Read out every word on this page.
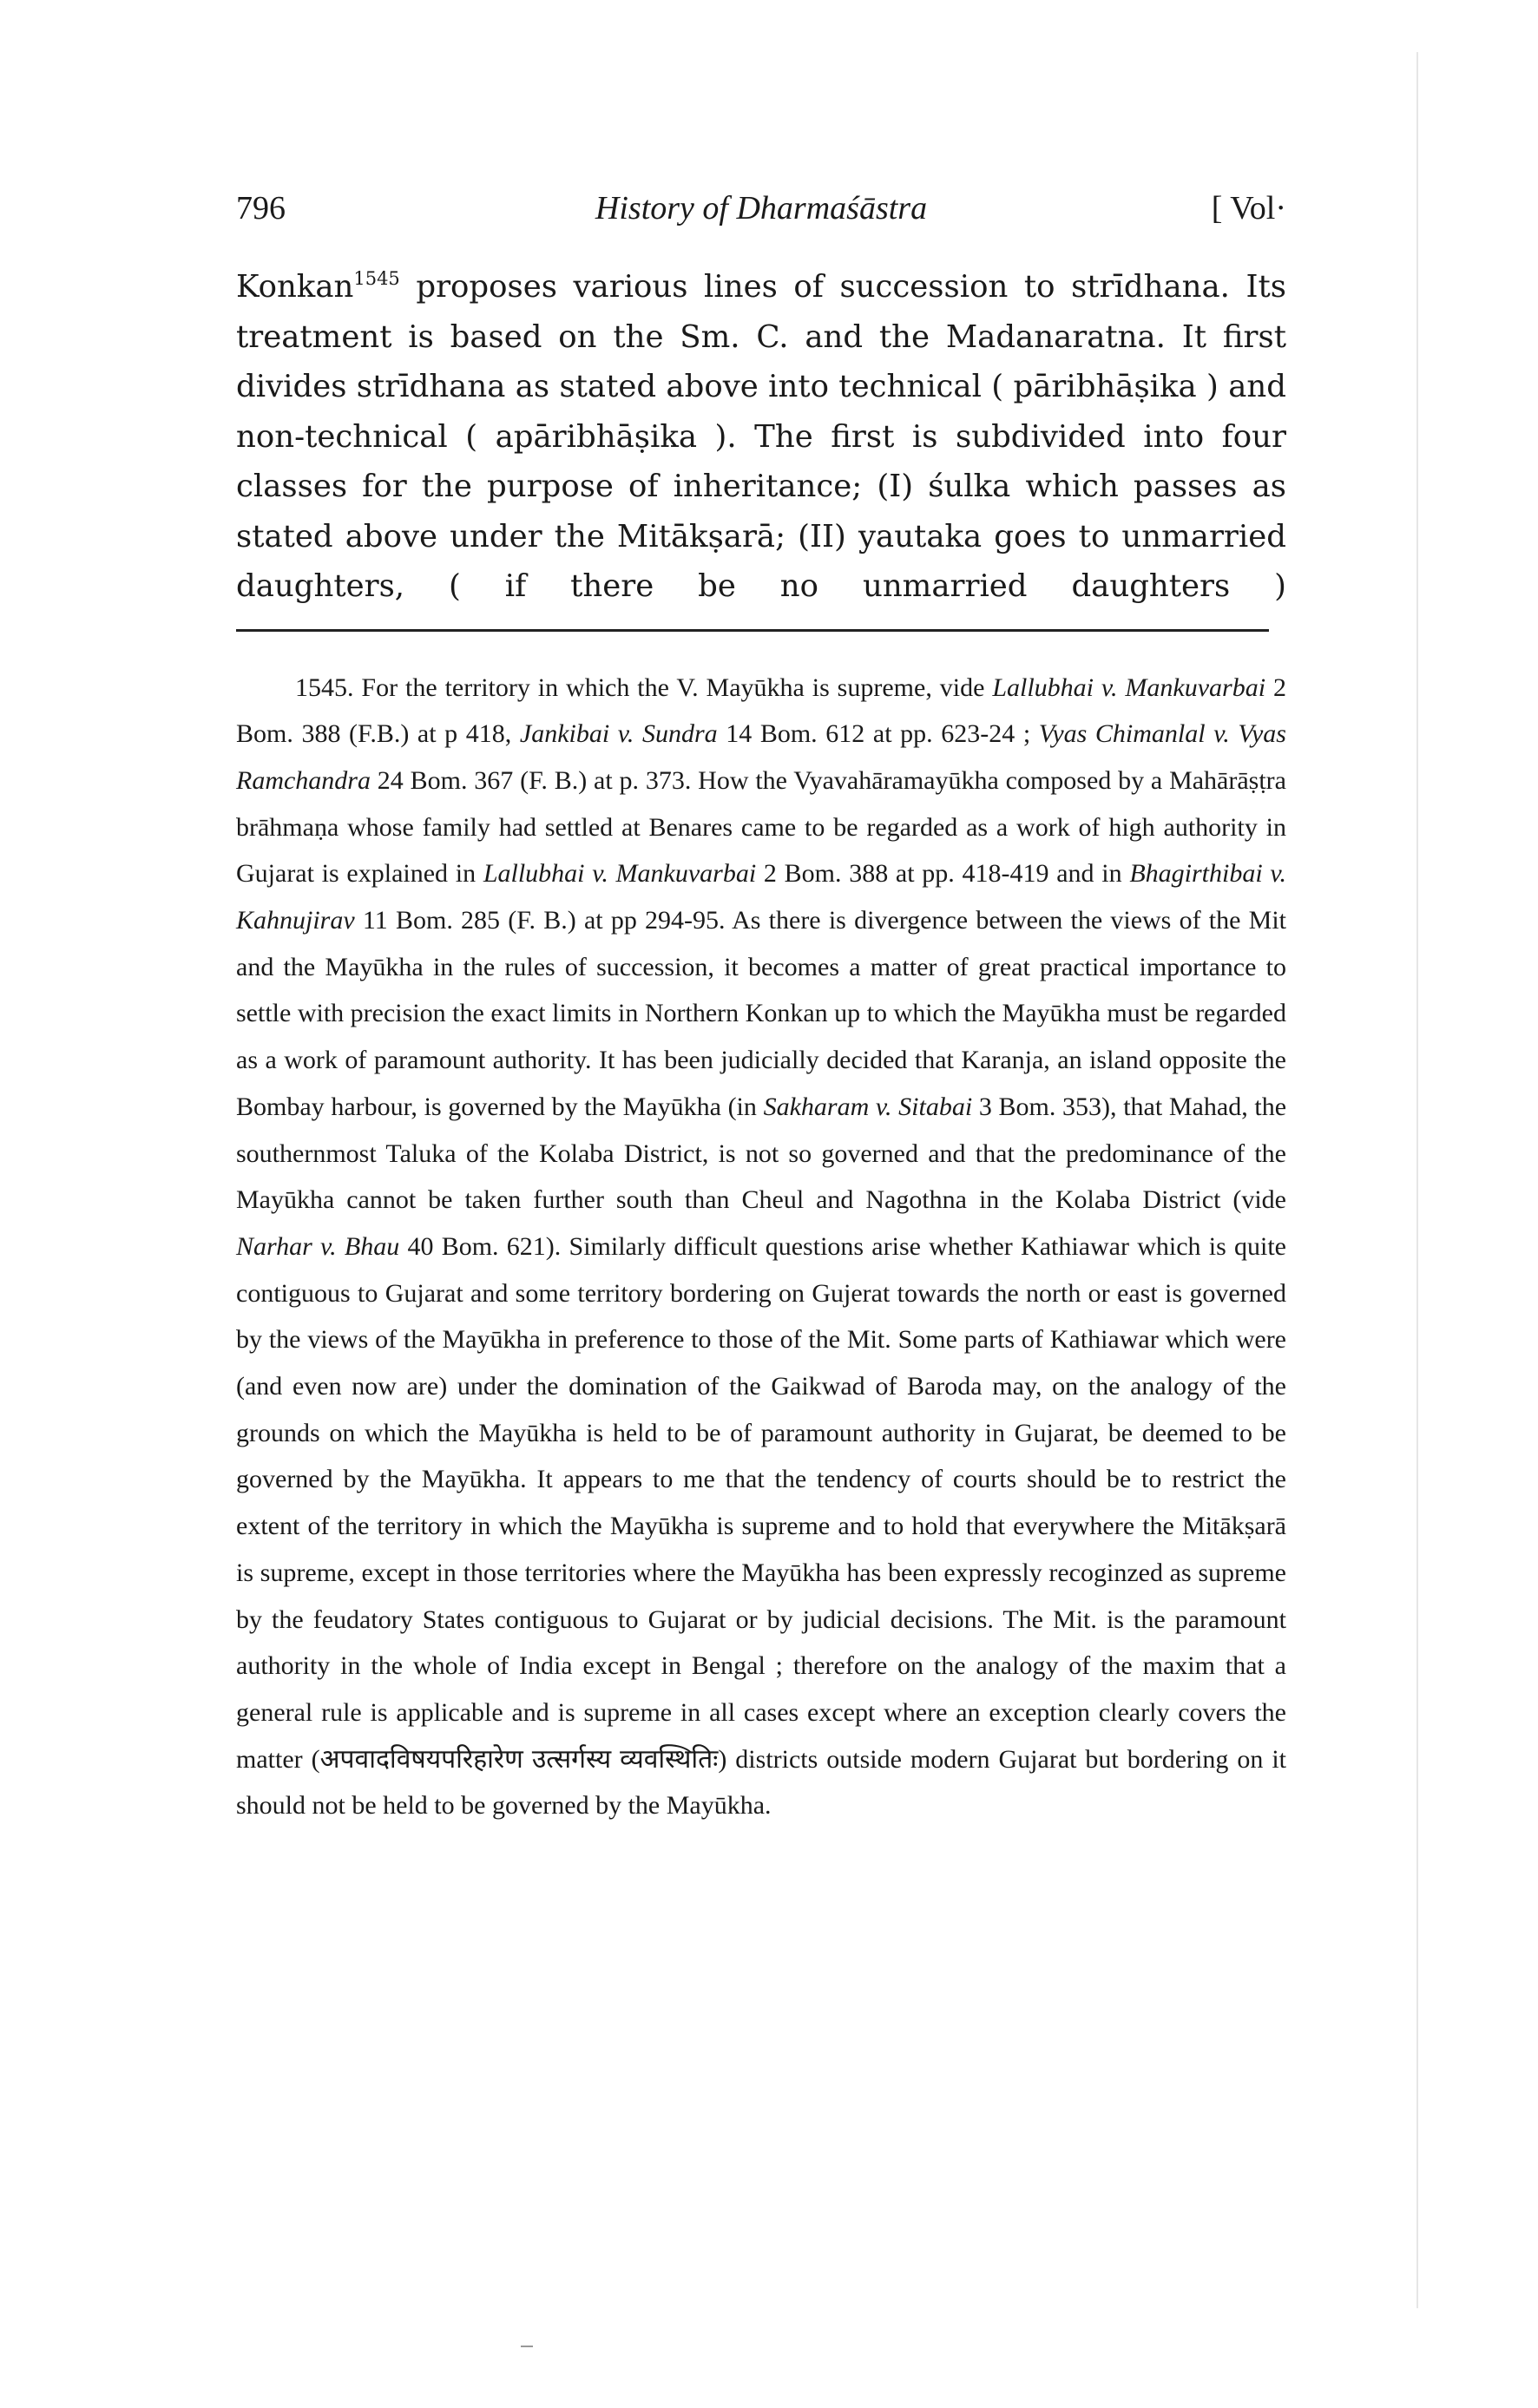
796	History of Dharmaśāstra	[ Vol·

Konkan$^{1545}$ proposes various lines of succession to strīdhana. Its treatment is based on the Sm. C. and the Madanaratna. It first divides strīdhana as stated above into technical ( pāribhāṣika ) and non-technical ( apāribhāṣika ). The first is subdivided into four classes for the purpose of inheritance; (I) śulka which passes as stated above under the Mitākṣarā; (II) yautaka goes to unmarried daughters, ( if there be no unmarried daughters )

1545. For the territory in which the V. Mayūkha is supreme, vide Lallubhai v. Mankuvarbai 2 Bom. 388 (F.B.) at p 418, Jankibai v. Sundra 14 Bom. 612 at pp. 623-24 ; Vyas Chimanlal v. Vyas Ramchandra 24 Bom. 367 (F. B.) at p. 373. How the Vyavahāramayūkha composed by a Mahārāṣṭra brāhmaṇa whose family had settled at Benares came to be regarded as a work of high authority in Gujarat is explained in Lallubhai v. Mankuvarbai 2 Bom. 388 at pp. 418-419 and in Bhagirthibai v. Kahnujirav 11 Bom. 285 (F. B.) at pp 294-95. As there is divergence between the views of the Mit and the Mayūkha in the rules of succession, it becomes a matter of great practical importance to settle with precision the exact limits in Northern Konkan up to which the Mayūkha must be regarded as a work of paramount authority. It has been judicially decided that Karanja, an island opposite the Bombay harbour, is governed by the Mayūkha (in Sakharam v. Sitabai 3 Bom. 353), that Mahad, the southernmost Taluka of the Kolaba District, is not so governed and that the predominance of the Mayūkha cannot be taken further south than Cheul and Nagothna in the Kolaba District (vide Narhar v. Bhau 40 Bom. 621). Similarly difficult questions arise whether Kathiawar which is quite contiguous to Gujarat and some territory bordering on Gujerat towards the north or east is governed by the views of the Mayūkha in preference to those of the Mit. Some parts of Kathiawar which were (and even now are) under the domination of the Gaikwad of Baroda may, on the analogy of the grounds on which the Mayūkha is held to be of paramount authority in Gujarat, be deemed to be governed by the Mayūkha. It appears to me that the tendency of courts should be to restrict the extent of the territory in which the Mayūkha is supreme and to hold that everywhere the Mitākṣarā is supreme, except in those territories where the Mayūkha has been expressly recoginzed as supreme by the feudatory States contiguous to Gujarat or by judicial decisions. The Mit. is the paramount authority in the whole of India except in Bengal ; therefore on the analogy of the maxim that a general rule is applicable and is supreme in all cases except where an exception clearly covers the matter (अपवादविषयपरिहारेण उत्सर्गस्य व्यवस्थितिः) districts outside modern Gujarat but bordering on it should not be held to be governed by the Mayūkha.
